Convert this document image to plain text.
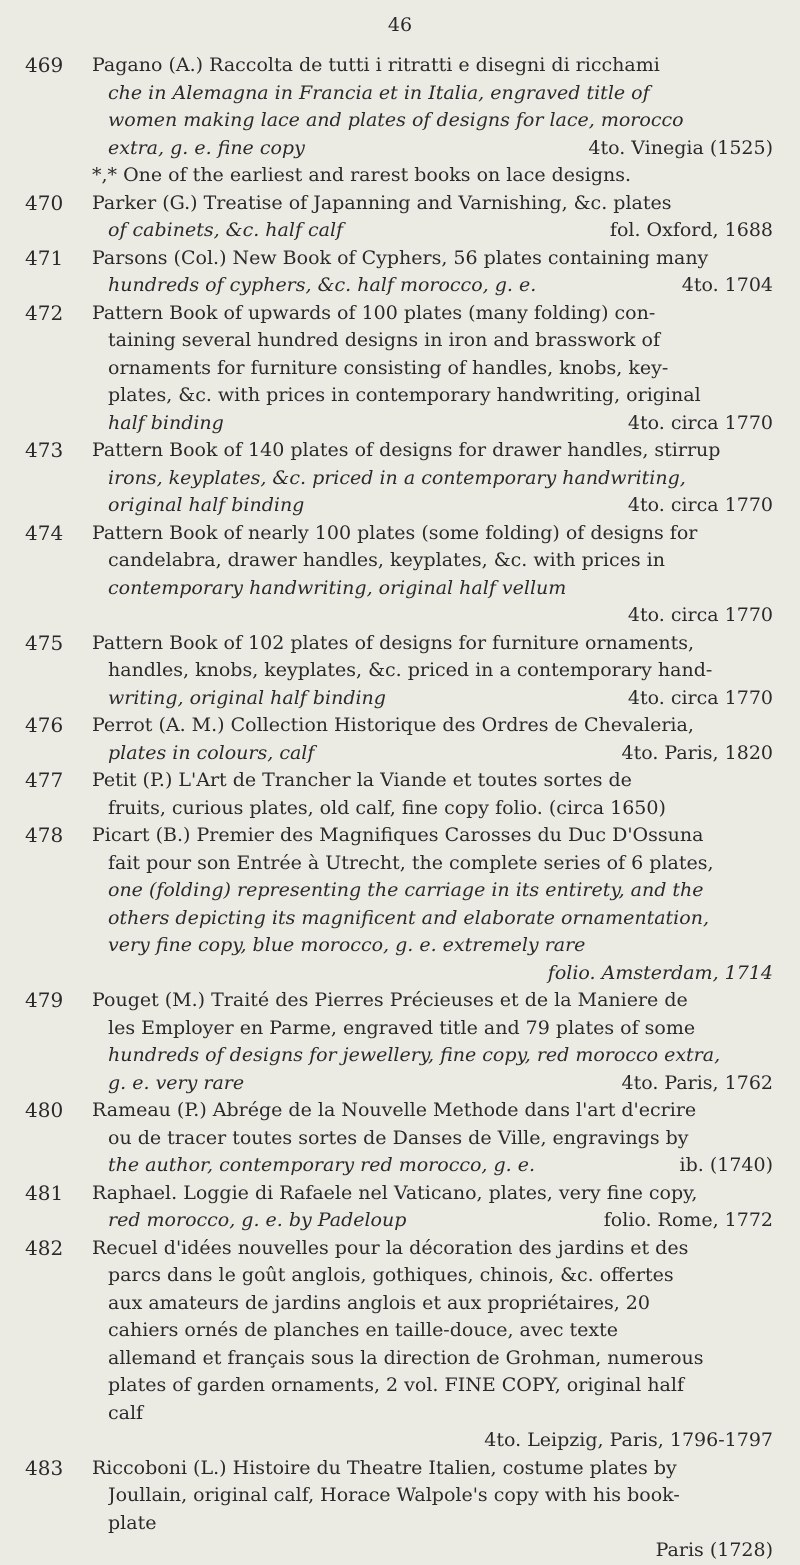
46
469 Pagano (A.) Raccolta de tutti i ritratti e disegni di ricchami
che in Alemagna in Francia et in Italia, engraved title of
women making lace and plates of designs for lace, morocco
extra, g. e. fine copy	4to. Vinegia (1525)
*,* One of the earliest and rarest books on lace designs.
470 Parker (G.) Treatise of Japanning and Varnishing, &c. plates
of cabinets, &c. half calf	fol. Oxford, 1688
471 Parsons (Col.) New Book of Cyphers, 56 plates containing many
hundreds of cyphers, &c. half morocco, g. e.	4to. 1704
472 Pattern Book of upwards of 100 plates (many folding) con-
taining several hundred designs in iron and brasswork of
ornaments for furniture consisting of handles, knobs, key-
plates, &c. with prices in contemporary handwriting, original
half binding	4to. circa 1770
473 Pattern Book of 140 plates of designs for drawer handles, stirrup
irons, keyplates, &c. priced in a contemporary handwriting,
original half binding	4to. circa 1770
474 Pattern Book of nearly 100 plates (some folding) of designs for
candelabra, drawer handles, keyplates, &c. with prices in
contemporary handwriting, original half vellum
4to. circa 1770
475 Pattern Book of 102 plates of designs for furniture ornaments,
handles, knobs, keyplates, &c. priced in a contemporary hand-
writing, original half binding	4to. circa 1770
476 Perrot (A. M.) Collection Historique des Ordres de Chevaleria,
plates in colours, calf	4to. Paris, 1820
477 Petit (P.) L'Art de Trancher la Viande et toutes sortes de
fruits, curious plates, old calf, fine copy folio. (circa 1650)
478 Picart (B.) Premier des Magnifiques Carosses du Duc D'Ossuna
fait pour son Entrée à Utrecht, the complete series of 6 plates,
one (folding) representing the carriage in its entirety, and the
others depicting its magnificent and elaborate ornamentation,
very fine copy, blue morocco, g. e. extremely rare
folio. Amsterdam, 1714
479 Pouget (M.) Traité des Pierres Précieuses et de la Maniere de
les Employer en Parme, engraved title and 79 plates of some
hundreds of designs for jewellery, fine copy, red morocco extra,
g. e. very rare	4to. Paris, 1762
480 Rameau (P.) Abrége de la Nouvelle Methode dans l'art d'ecrire
ou de tracer toutes sortes de Danses de Ville, engravings by
the author, contemporary red morocco, g. e.	ib. (1740)
481 Raphael. Loggie di Rafaele nel Vaticano, plates, very fine copy,
red morocco, g. e. by Padeloup	folio. Rome, 1772
482 Recuel d'idées nouvelles pour la décoration des jardins et des
parcs dans le goût anglois, gothiques, chinois, &c. offertes
aux amateurs de jardins anglois et aux propriétaires, 20
cahiers ornés de planches en taille-douce, avec texte
allemand et français sous la direction de Grohman, numerous
plates of garden ornaments, 2 vol. FINE COPY, original half
calf
4to. Leipzig, Paris, 1796-1797
483 Riccoboni (L.) Histoire du Theatre Italien, costume plates by
Joullain, original calf, Horace Walpole's copy with his book-
plate
Paris (1728)
